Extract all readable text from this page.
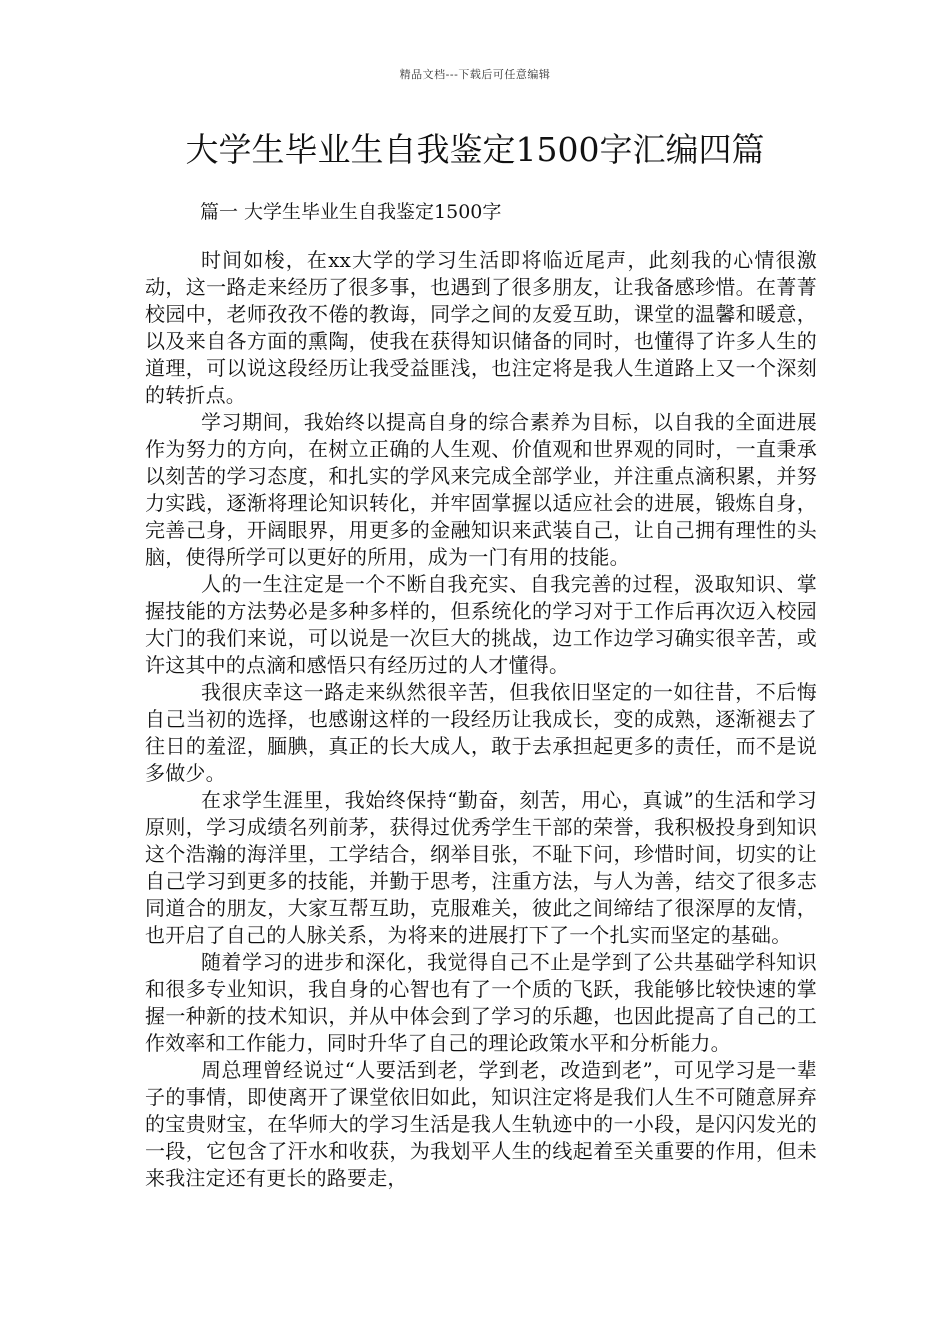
精品文档---下载后可任意编辑
大学生毕业生自我鉴定1500字汇编四篇
篇一 大学生毕业生自我鉴定1500字

时间如梭，在xx大学的学习生活即将临近尾声，此刻我的心情很激动，这一路走来经历了很多事，也遇到了很多朋友，让我备感珍惜。在菁菁校园中，老师孜孜不倦的教诲，同学之间的友爱互助，课堂的温馨和暖意，以及来自各方面的熏陶，使我在获得知识储备的同时，也懂得了许多人生的道理，可以说这段经历让我受益匪浅，也注定将是我人生道路上又一个深刻的转折点。

学习期间，我始终以提高自身的综合素养为目标，以自我的全面进展作为努力的方向，在树立正确的人生观、价值观和世界观的同时，一直秉承以刻苦的学习态度，和扎实的学风来完成全部学业，并注重点滴积累，并努力实践，逐渐将理论知识转化，并牢固掌握以适应社会的进展，锻炼自身，完善己身，开阔眼界，用更多的金融知识来武装自己，让自己拥有理性的头脑，使得所学可以更好的所用，成为一门有用的技能。

人的一生注定是一个不断自我充实、自我完善的过程，汲取知识、掌握技能的方法势必是多种多样的，但系统化的学习对于工作后再次迈入校园大门的我们来说，可以说是一次巨大的挑战，边工作边学习确实很辛苦，或许这其中的点滴和感悟只有经历过的人才懂得。

我很庆幸这一路走来纵然很辛苦，但我依旧坚定的一如往昔，不后悔自己当初的选择，也感谢这样的一段经历让我成长，变的成熟，逐渐褪去了往日的羞涩，腼腆，真正的长大成人，敢于去承担起更多的责任，而不是说多做少。

在求学生涯里，我始终保持“勤奋，刻苦，用心，真诚”的生活和学习原则，学习成绩名列前茅，获得过优秀学生干部的荣誉，我积极投身到知识这个浩瀚的海洋里，工学结合，纲举目张，不耻下问，珍惜时间，切实的让自己学习到更多的技能，并勤于思考，注重方法，与人为善，结交了很多志同道合的朋友，大家互帮互助，克服难关，彼此之间缔结了很深厚的友情，也开启了自己的人脉关系，为将来的进展打下了一个扎实而坚定的基础。

随着学习的进步和深化，我觉得自己不止是学到了公共基础学科知识和很多专业知识，我自身的心智也有了一个质的飞跃，我能够比较快速的掌握一种新的技术知识，并从中体会到了学习的乐趣，也因此提高了自己的工作效率和工作能力，同时升华了自己的理论政策水平和分析能力。

周总理曾经说过“人要活到老，学到老，改造到老”，可见学习是一辈子的事情，即使离开了课堂依旧如此，知识注定将是我们人生不可随意屏弃的宝贵财宝，在华师大的学习生活是我人生轨迹中的一小段，是闪闪发光的一段，它包含了汗水和收获，为我划平人生的线起着至关重要的作用，但未来我注定还有更长的路要走，
